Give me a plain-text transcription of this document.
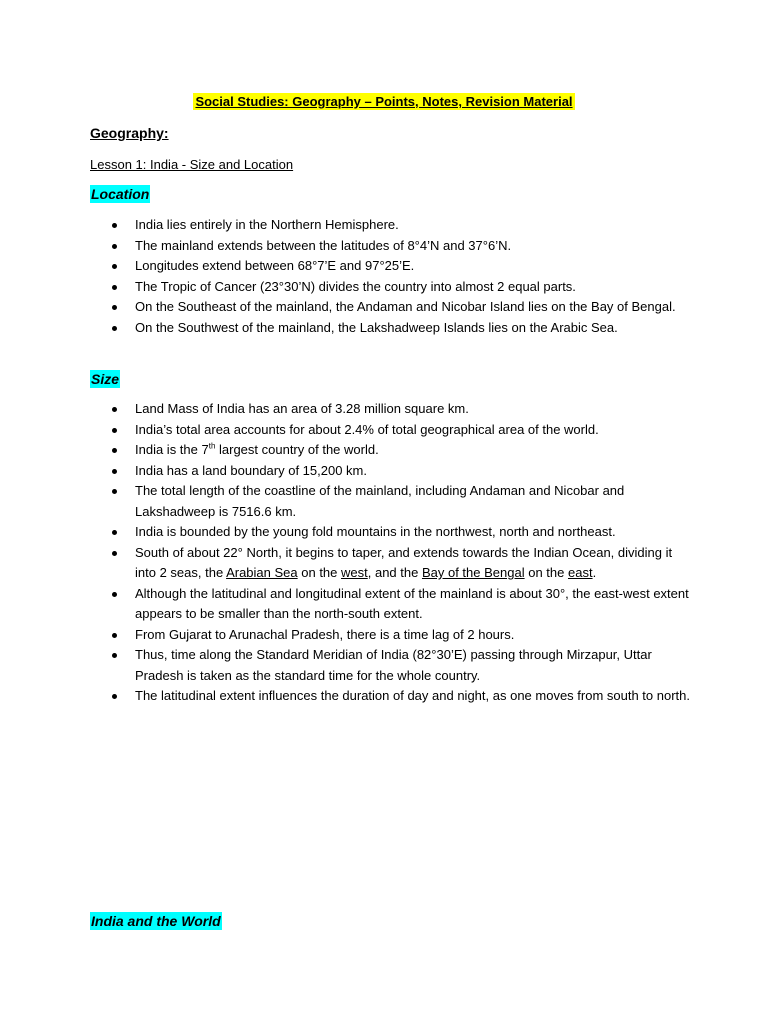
Social Studies: Geography – Points, Notes, Revision Material
Geography:
Lesson 1: India - Size and Location
Location
India lies entirely in the Northern Hemisphere.
The mainland extends between the latitudes of 8°4’N and 37°6’N.
Longitudes extend between 68°7’E and 97°25’E.
The Tropic of Cancer (23°30’N) divides the country into almost 2 equal parts.
On the Southeast of the mainland, the Andaman and Nicobar Island lies on the Bay of Bengal.
On the Southwest of the mainland, the Lakshadweep Islands lies on the Arabic Sea.
Size
Land Mass of India has an area of 3.28 million square km.
India’s total area accounts for about 2.4% of total geographical area of the world.
India is the 7th largest country of the world.
India has a land boundary of 15,200 km.
The total length of the coastline of the mainland, including Andaman and Nicobar and Lakshadweep is 7516.6 km.
India is bounded by the young fold mountains in the northwest, north and northeast.
South of about 22° North, it begins to taper, and extends towards the Indian Ocean, dividing it into 2 seas, the Arabian Sea on the west, and the Bay of the Bengal on the east.
Although the latitudinal and longitudinal extent of the mainland is about 30°, the east-west extent appears to be smaller than the north-south extent.
From Gujarat to Arunachal Pradesh, there is a time lag of 2 hours.
Thus, time along the Standard Meridian of India (82°30’E) passing through Mirzapur, Uttar Pradesh is taken as the standard time for the whole country.
The latitudinal extent influences the duration of day and night, as one moves from south to north.
India and the World
